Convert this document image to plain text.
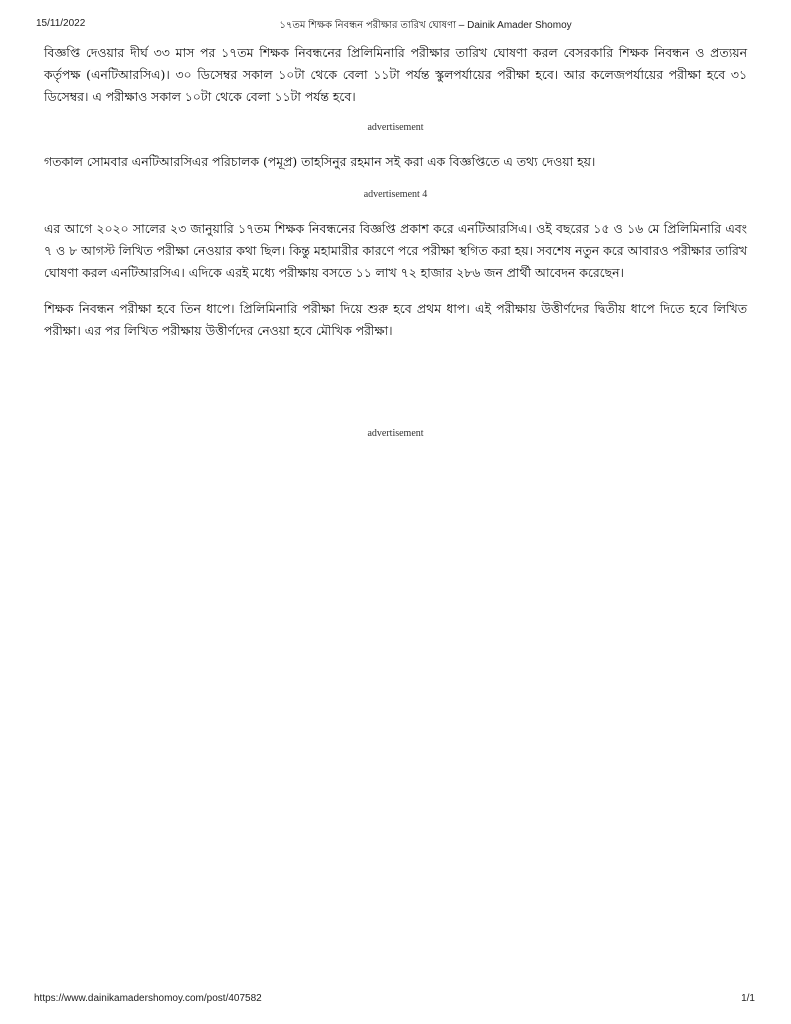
15/11/2022	১৭তম শিক্ষক নিবন্ধন পরীক্ষার তারিখ ঘোষণা – Dainik Amader Shomoy

বিজ্ঞপ্তি দেওয়ার দীর্ঘ ৩৩ মাস পর ১৭তম শিক্ষক নিবন্ধনের প্রিলিমিনারি পরীক্ষার তারিখ ঘোষণা করল বেসরকারি শিক্ষক নিবন্ধন ও প্রত্যয়ন কর্তৃপক্ষ (এনটিআরসিএ)। ৩০ ডিসেম্বর সকাল ১০টা থেকে বেলা ১১টা পর্যন্ত স্কুলপর্যায়ের পরীক্ষা হবে। আর কলেজপর্যায়ের পরীক্ষা হবে ৩১ ডিসেম্বর। এ পরীক্ষাও সকাল ১০টা থেকে বেলা ১১টা পর্যন্ত হবে।

advertisement

গতকাল সোমবার এনটিআরসিএর পরিচালক (পমূপ্র) তাহসিনুর রহমান সই করা এক বিজ্ঞপ্তিতে এ তথ্য দেওয়া হয়।

advertisement 4

এর আগে ২০২০ সালের ২৩ জানুয়ারি ১৭তম শিক্ষক নিবন্ধনের বিজ্ঞপ্তি প্রকাশ করে এনটিআরসিএ। ওই বছরের ১৫ ও ১৬ মে প্রিলিমিনারি এবং ৭ ও ৮ আগস্ট লিখিত পরীক্ষা নেওয়ার কথা ছিল। কিন্তু মহামারীর কারণে পরে পরীক্ষা স্থগিত করা হয়। সবশেষ নতুন করে আবারও পরীক্ষার তারিখ ঘোষণা করল এনটিআরসিএ। এদিকে এরই মধ্যে পরীক্ষায় বসতে ১১ লাখ ৭২ হাজার ২৮৬ জন প্রার্থী আবেদন করেছেন।

শিক্ষক নিবন্ধন পরীক্ষা হবে তিন ধাপে। প্রিলিমিনারি পরীক্ষা দিয়ে শুরু হবে প্রথম ধাপ। এই পরীক্ষায় উত্তীর্ণদের দ্বিতীয় ধাপে দিতে হবে লিখিত পরীক্ষা। এর পর লিখিত পরীক্ষায় উত্তীর্ণদের নেওয়া হবে মৌখিক পরীক্ষা।

advertisement
https://www.dainikamadershomoy.com/post/407582	1/1
